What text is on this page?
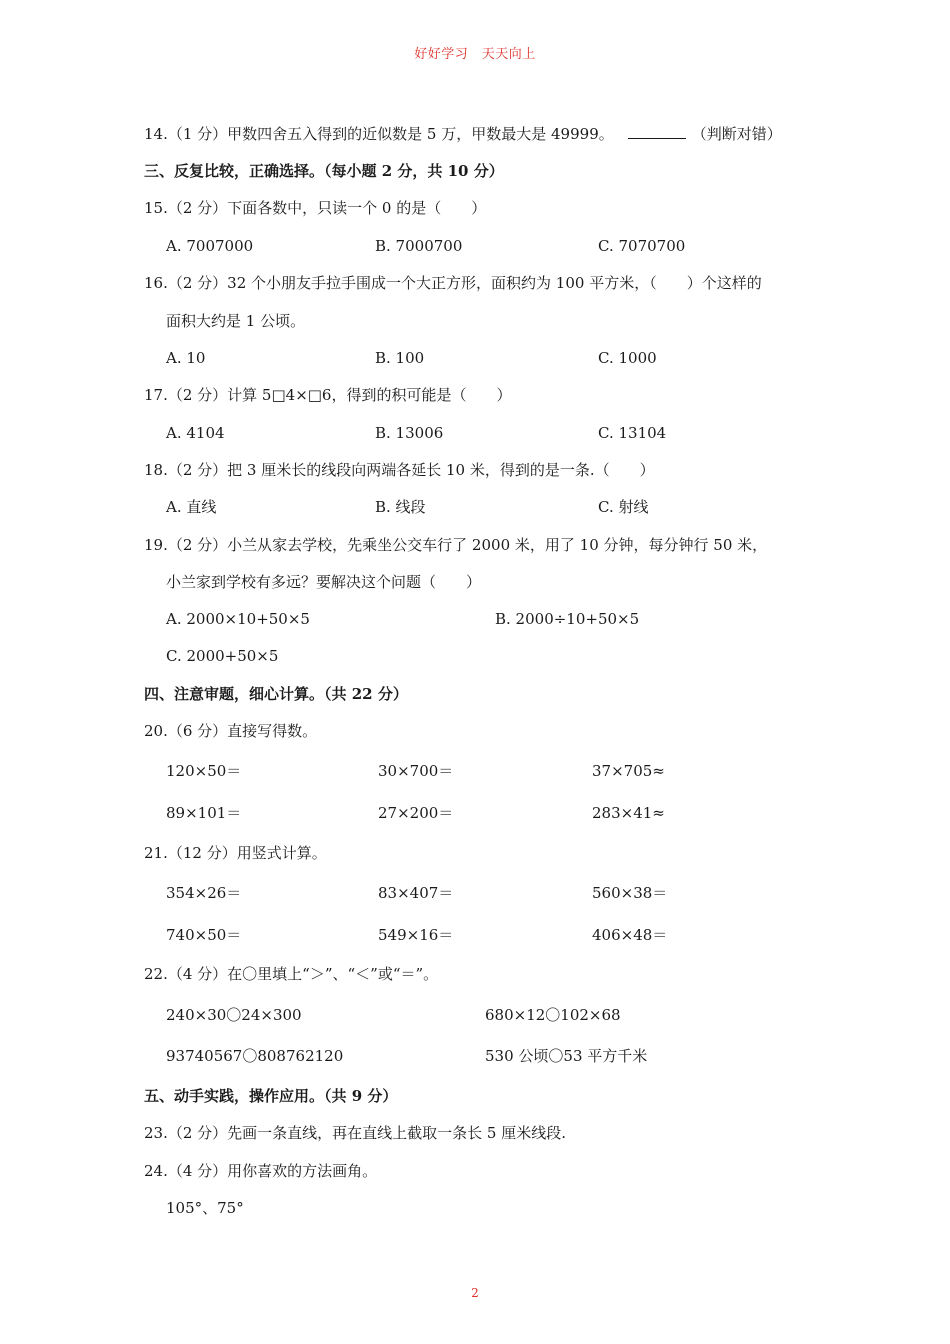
好好学习　天天向上
14.（1 分）甲数四舍五入得到的近似数是 5 万，甲数最大是 49999。	（判断对错）
三、反复比较，正确选择。（每小题 2 分，共 10 分）
15.（2 分）下面各数中，只读一个 0 的是（　　）
A. 7007000	B. 7000700	C. 7070700
16.（2 分）32 个小朋友手拉手围成一个大正方形，面积约为 100 平方米，（　　）个这样的
面积大约是 1 公顷。
A. 10	B. 100	C. 1000
17.（2 分）计算 5□4×□6，得到的积可能是（　　）
A. 4104	B. 13006	C. 13104
18.（2 分）把 3 厘米长的线段向两端各延长 10 米，得到的是一条.（　　）
A. 直线	B. 线段	C. 射线
19.（2 分）小兰从家去学校，先乘坐公交车行了 2000 米，用了 10 分钟，每分钟行 50 米，
小兰家到学校有多远？要解决这个问题（　　）
A. 2000×10+50×5	B. 2000÷10+50×5
C. 2000+50×5
四、注意审题，细心计算。（共 22 分）
20.（6 分）直接写得数。
120×50＝	30×700＝	37×705≈
89×101＝	27×200＝	283×41≈
21.（12 分）用竖式计算。
354×26＝	83×407＝	560×38＝
740×50＝	549×16＝	406×48＝
22.（4 分）在〇里填上“＞”、“＜”或“＝”。
240×30〇24×300	680×12〇102×68
93740567〇808762120	530 公顷〇53 平方千米
五、动手实践，操作应用。（共 9 分）
23.（2 分）先画一条直线，再在直线上截取一条长 5 厘米线段.
24.（4 分）用你喜欢的方法画角。
105°、75°
2
